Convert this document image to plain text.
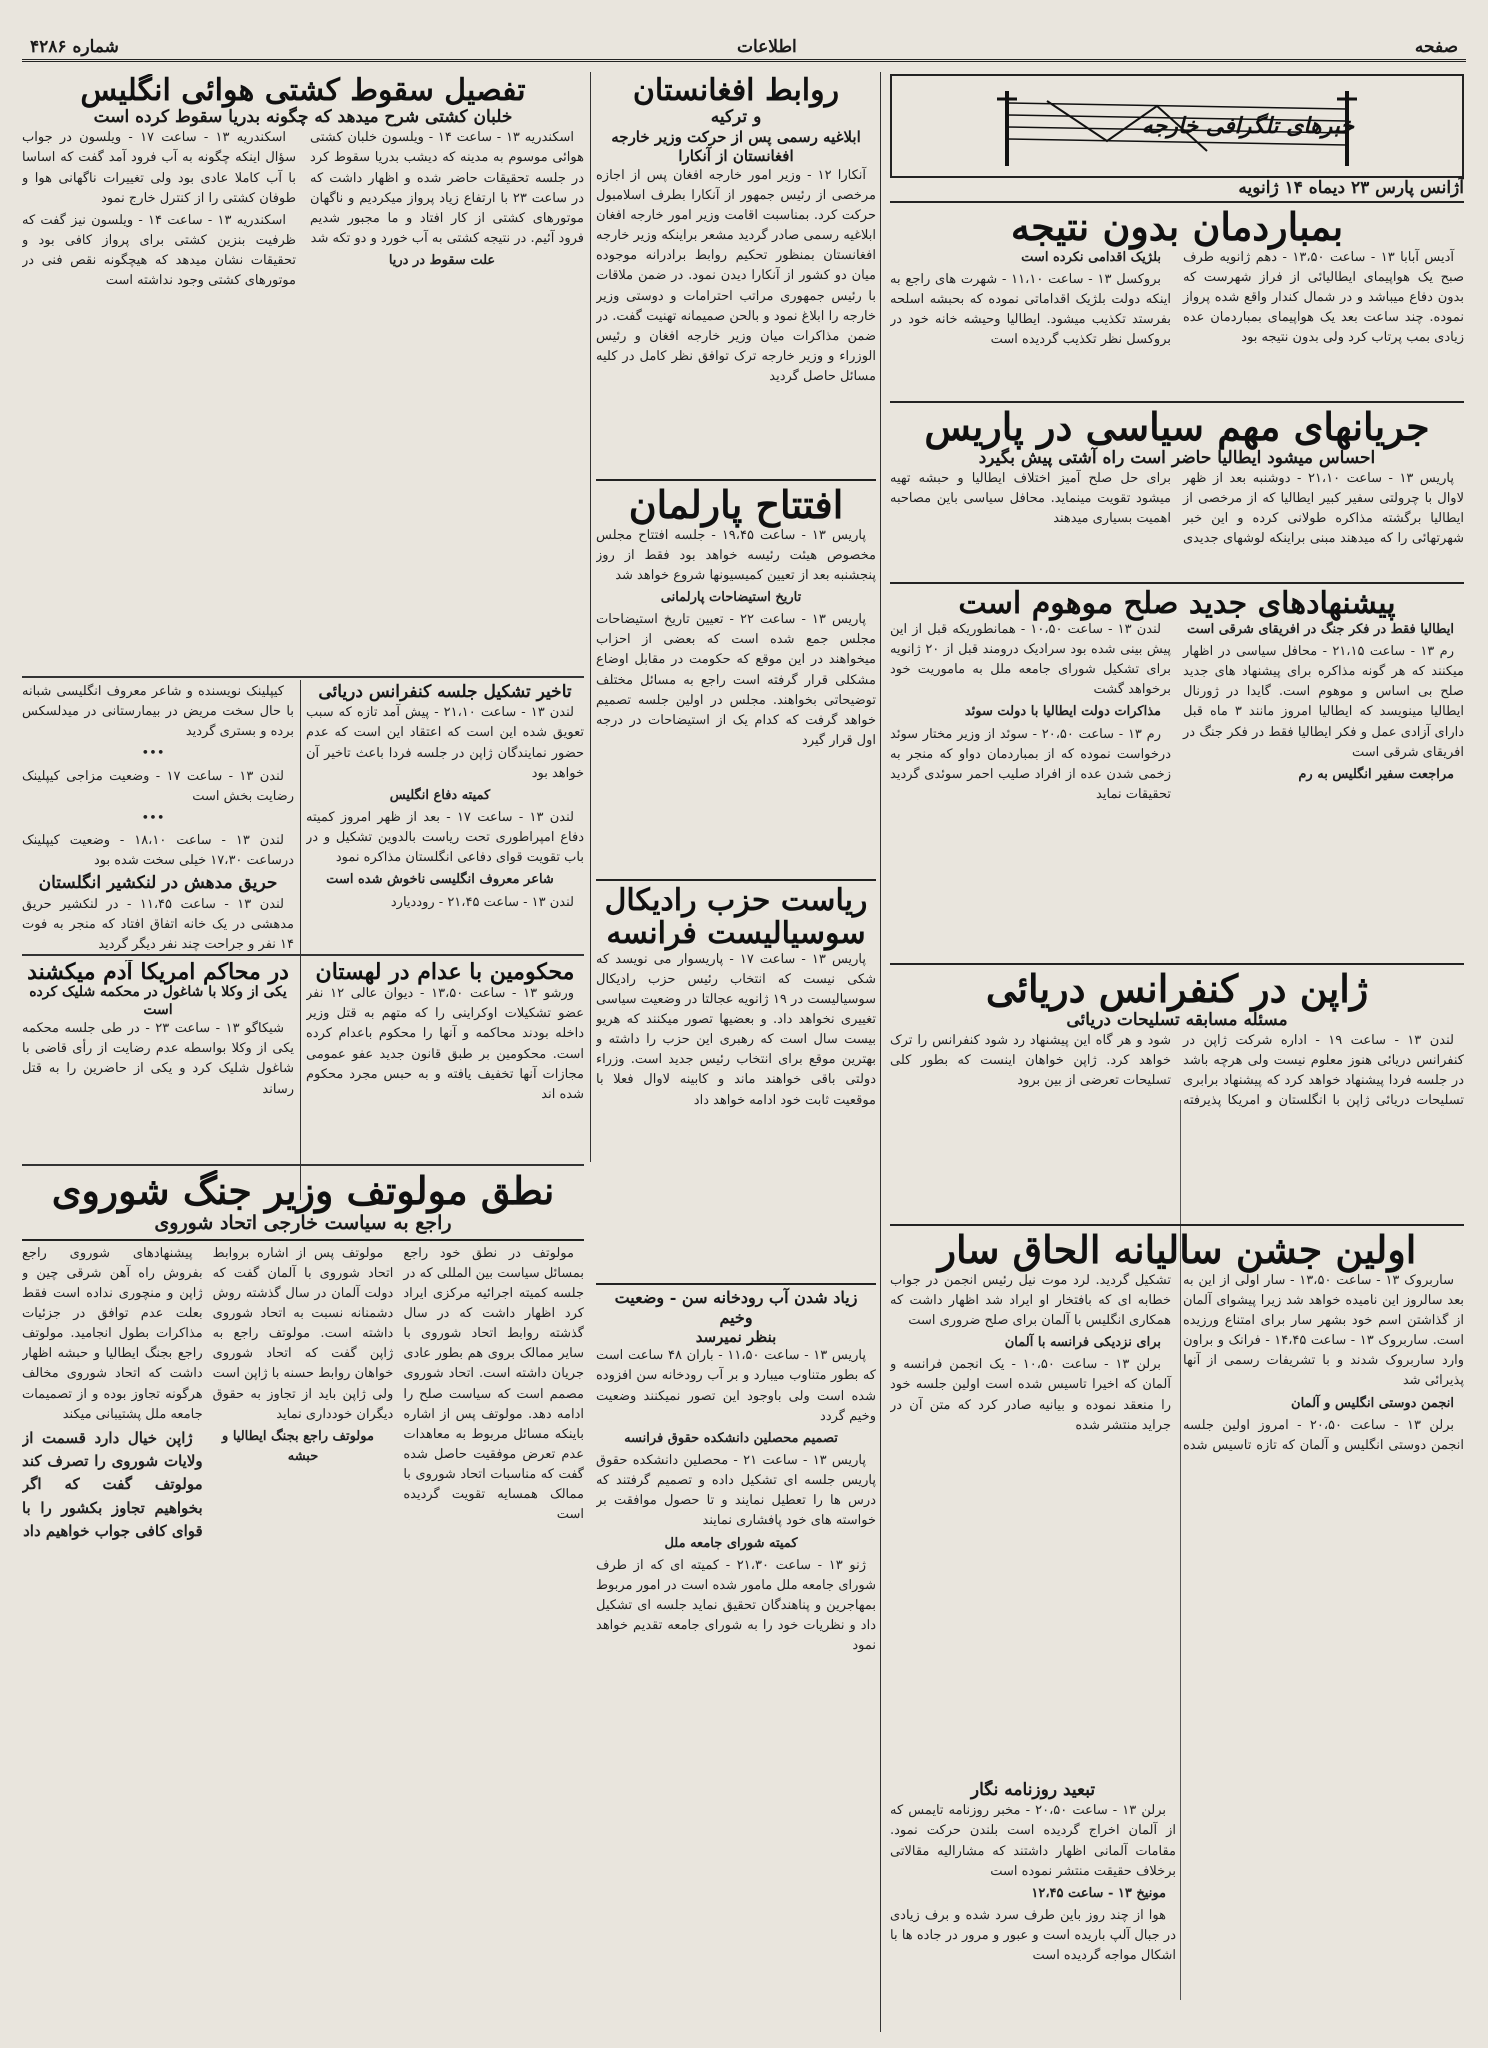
صفحه
اطلاعات
شماره ۴۲۸۶
خبرهای تلگرافی خارجه
آژانس پارس ۲۳ دیماه ۱۴ ژانویه
بمباردمان بدون نتیجه

آدیس آبابا ۱۳ - ساعت ۱۳،۵۰ - دهم ژانویه طرف صبح یک هواپیمای ایطالیائی از فراز شهرست که بدون دفاع میباشد و در شمال کندار واقع شده پرواز نموده. چند ساعت بعد یک هواپیمای بمباردمان عده زیادی بمب پرتاب کرد ولی بدون نتیجه بود

بلژیک اقدامی نکرده است

بروکسل ۱۳ - ساعت ۱۱،۱۰ - شهرت های راجع به اینکه دولت بلژیک اقداماتی نموده که بحبشه اسلحه بفرستد تکذیب میشود. ایطالیا وحیشه خانه خود در بروکسل نظر تکذیب گردیده است

جریانهای مهم سیاسی در پاریس
احساس میشود ایطالیا حاضر است راه آشتی پیش بگیرد

پاریس ۱۳ - ساعت ۲۱،۱۰ - دوشنبه بعد از ظهر لاوال با چرولتی سفیر کبیر ایطالیا که از مرخصی از ایطالیا برگشته مذاکره طولانی کرده و این خبر شهرتهائی را که میدهند مبنی براینکه لوشهای جدیدی برای حل صلح آمیز اختلاف ایطالیا و حبشه تهیه میشود تقویت مینماید. محافل سیاسی باین مصاحبه اهمیت بسیاری میدهند

پیشنهادهای جدید صلح موهوم است

ایطالیا فقط در فکر جنگ در افریقای شرقی است

رم ۱۳ - ساعت ۲۱،۱۵ - محافل سیاسی در اظهار میکنند که هر گونه مذاکره برای پیشنهاد های جدید صلح بی اساس و موهوم است. گایدا در ژورنال ایطالیا مینویسد که ایطالیا امروز مانند ۳ ماه قبل دارای آزادی عمل و فکر ایطالیا فقط در فکر جنگ در افریقای شرقی است

مراجعت سفیر انگلیس به رم

لندن ۱۳ - ساعت ۱۰،۵۰ - همانطوریکه قبل از این پیش بینی شده بود سرادیک درومند قبل از ۲۰ ژانویه برای تشکیل شورای جامعه ملل به ماموریت خود برخواهد گشت

مذاکرات دولت ایطالیا با دولت سوئد

رم ۱۳ - ساعت ۲۰،۵۰ - سوئد از وزیر مختار سوئد درخواست نموده که از بمباردمان دواو که منجر به زخمی شدن عده از افراد صلیب احمر سوئدی گردید تحقیقات نماید

ژاپن در کنفرانس دریائی
مسئله مسابقه تسلیحات دریائی

لندن ۱۳ - ساعت ۱۹ - اداره شرکت ژاپن در کنفرانس دریائی هنوز معلوم نیست ولی هرچه باشد در جلسه فردا پیشنهاد خواهد کرد که پیشنهاد برابری تسلیحات دریائی ژاپن با انگلستان و امریکا پذیرفته شود و هر گاه این پیشنهاد رد شود کنفرانس را ترک خواهد کرد. ژاپن خواهان اینست که بطور کلی تسلیحات تعرضی از بین برود

اولین جشن سالیانه الحاق سار

ساربروک ۱۳ - ساعت ۱۳،۵۰ - سار اولی از این به بعد سالروز این نامیده خواهد شد زیرا پیشوای آلمان از گذاشتن اسم خود بشهر سار برای امتناع ورزیده است. ساربروک ۱۳ - ساعت ۱۴،۴۵ - فرانک و براون وارد ساربروک شدند و با تشریفات رسمی از آنها پذیرائی شد

انجمن دوستی انگلیس و آلمان

برلن ۱۳ - ساعت ۲۰،۵۰ - امروز اولین جلسه انجمن دوستی انگلیس و آلمان که تازه تاسیس شده تشکیل گردید. لرد موت نیل رئیس انجمن در جواب خطابه ای که بافتخار او ایراد شد اظهار داشت که همکاری انگلیس با آلمان برای صلح ضروری است

برای نزدیکی فرانسه با آلمان

برلن ۱۳ - ساعت ۱۰،۵۰ - یک انجمن فرانسه و آلمان که اخیرا تاسیس شده است اولین جلسه خود را منعقد نموده و بیانیه صادر کرد که متن آن در جراید منتشر شده

روابط افغانستان
و ترکیه
ابلاغیه رسمی پس از حرکت وزیر خارجه افغانستان از آنکارا

آنکارا ۱۲ - وزیر امور خارجه افغان پس از اجازه مرخصی از رئیس جمهور از آنکارا بطرف اسلامبول حرکت کرد. بمناسبت اقامت وزیر امور خارجه افغان ابلاغیه رسمی صادر گردید مشعر براینکه وزیر خارجه افغانستان بمنظور تحکیم روابط برادرانه موجوده میان دو کشور از آنکارا دیدن نمود. در ضمن ملاقات با رئیس جمهوری مراتب احترامات و دوستی وزیر خارجه را ابلاغ نمود و بالحن صمیمانه تهنیت گفت. در ضمن مذاکرات میان وزیر خارجه افغان و رئیس الوزراء و وزیر خارجه ترک توافق نظر کامل در کلیه مسائل حاصل گردید

افتتاح پارلمان

پاریس ۱۳ - ساعت ۱۹،۴۵ - جلسه افتتاح مجلس مخصوص هیئت رئیسه خواهد بود فقط از روز پنجشنبه بعد از تعیین کمیسیونها شروع خواهد شد

تاریخ استیضاحات پارلمانی

پاریس ۱۳ - ساعت ۲۲ - تعیین تاریخ استیضاحات مجلس جمع شده است که بعضی از احزاب میخواهند در این موقع که حکومت در مقابل اوضاع مشکلی قرار گرفته است راجع به مسائل مختلف توضیحاتی بخواهند. مجلس در اولین جلسه تصمیم خواهد گرفت که کدام یک از استیضاحات در درجه اول قرار گیرد

ریاست حزب رادیکال
سوسیالیست فرانسه

پاریس ۱۳ - ساعت ۱۷ - پاریسوار می نویسد که شکی نیست که انتخاب رئیس حزب رادیکال سوسیالیست در ۱۹ ژانویه عجالتا در وضعیت سیاسی تغییری نخواهد داد. و بعضیها تصور میکنند که هریو بیست سال است که رهبری این حزب را داشته و بهترین موقع برای انتخاب رئیس جدید است. وزراء دولتی باقی خواهند ماند و کابینه لاوال فعلا با موقعیت ثابت خود ادامه خواهد داد

زیاد شدن آب رودخانه سن - وضعیت وخیم
بنظر نمیرسد

پاریس ۱۳ - ساعت ۱۱،۵۰ - باران ۴۸ ساعت است که بطور متناوب میبارد و بر آب رودخانه سن افزوده شده است ولی باوجود این تصور نمیکنند وضعیت وخیم گردد

تصمیم محصلین دانشکده حقوق فرانسه

پاریس ۱۳ - ساعت ۲۱ - محصلین دانشکده حقوق پاریس جلسه ای تشکیل داده و تصمیم گرفتند که درس ها را تعطیل نمایند و تا حصول موافقت بر خواسته های خود پافشاری نمایند

کمیته شورای جامعه ملل

ژنو ۱۳ - ساعت ۲۱،۳۰ - کمیته ای که از طرف شورای جامعه ملل مامور شده است در امور مربوط بمهاجرین و پناهندگان تحقیق نماید جلسه ای تشکیل داد و نظریات خود را به شورای جامعه تقدیم خواهد نمود

تفصیل سقوط کشتی هوائی انگلیس
خلبان کشتی شرح میدهد که چگونه بدریا سقوط کرده است

اسکندریه ۱۳ - ساعت ۱۴ - ویلسون خلبان کشتی هوائی موسوم به مدینه که دیشب بدریا سقوط کرد در جلسه تحقیقات حاضر شده و اظهار داشت که در ساعت ۲۳ با ارتفاع زیاد پرواز میکردیم و ناگهان موتورهای کشتی از کار افتاد و ما مجبور شدیم فرود آئیم. در نتیجه کشتی به آب خورد و دو تکه شد

علت سقوط در دریا

اسکندریه ۱۳ - ساعت ۱۷ - ویلسون در جواب سؤال اینکه چگونه به آب فرود آمد گفت که اساسا با آب کاملا عادی بود ولی تغییرات ناگهانی هوا و طوفان کشتی را از کنترل خارج نمود

اسکندریه ۱۳ - ساعت ۱۴ - ویلسون نیز گفت که ظرفیت بنزین کشتی برای پرواز کافی بود و تحقیقات نشان میدهد که هیچگونه نقص فنی در موتورهای کشتی وجود نداشته است

کیپلینک نویسنده و شاعر معروف انگلیسی شبانه با حال سخت مریض در بیمارستانی در میدلسکس برده و بستری گردید

•••

لندن ۱۳ - ساعت ۱۷ - وضعیت مزاجی کیپلینک رضایت بخش است

•••

لندن ۱۳ - ساعت ۱۸،۱۰ - وضعیت کیپلینک درساعت ۱۷،۳۰ خیلی سخت شده بود

حریق مدهش در لنکشیر انگلستان

لندن ۱۳ - ساعت ۱۱،۴۵ - در لنکشیر حریق مدهشی در یک خانه اتفاق افتاد که منجر به فوت ۱۴ نفر و جراحت چند نفر دیگر گردید

تاخیر تشکیل جلسه کنفرانس دریائی

لندن ۱۳ - ساعت ۲۱،۱۰ - پیش آمد تازه که سبب تعویق شده این است که اعتقاد این است که عدم حضور نمایندگان ژاپن در جلسه فردا باعث تاخیر آن خواهد بود

کمیته دفاع انگلیس

لندن ۱۳ - ساعت ۱۷ - بعد از ظهر امروز کمیته دفاع امپراطوری تحت ریاست بالدوین تشکیل و در باب تقویت قوای دفاعی انگلستان مذاکره نمود

شاعر معروف انگلیسی ناخوش شده است

لندن ۱۳ - ساعت ۲۱،۴۵ - روددیارد

در محاکم امریکا آدم میکشند
یکی از وکلا با شاغول در محکمه شلیک کرده است

شیکاگو ۱۳ - ساعت ۲۳ - در طی جلسه محکمه یکی از وکلا بواسطه عدم رضایت از رأی قاضی با شاغول شلیک کرد و یکی از حاضرین را به قتل رساند

محکومین با عدام در لهستان

ورشو ۱۳ - ساعت ۱۳،۵۰ - دیوان عالی ۱۲ نفر عضو تشکیلات اوکراینی را که متهم به قتل وزیر داخله بودند محاکمه و آنها را محکوم باعدام کرده است. محکومین بر طبق قانون جدید عفو عمومی مجازات آنها تخفیف یافته و به حبس مجرد محکوم شده اند

نطق مولوتف وزیر جنگ شوروی
راجع به سیاست خارجی اتحاد شوروی

مولوتف در نطق خود راجع بمسائل سیاست بین المللی که در جلسه کمیته اجرائیه مرکزی ایراد کرد اظهار داشت که در سال گذشته روابط اتحاد شوروی با سایر ممالک بروی هم بطور عادی جریان داشته است. اتحاد شوروی مصمم است که سیاست صلح را ادامه دهد. مولوتف پس از اشاره باینکه مسائل مربوط به معاهدات عدم تعرض موفقیت حاصل شده گفت که مناسبات اتحاد شوروی با ممالک همسایه تقویت گردیده است

مولوتف پس از اشاره بروابط اتحاد شوروی با آلمان گفت که دولت آلمان در سال گذشته روش دشمنانه نسبت به اتحاد شوروی داشته است. مولوتف راجع به ژاپن گفت که اتحاد شوروی خواهان روابط حسنه با ژاپن است ولی ژاپن باید از تجاوز به حقوق دیگران خودداری نماید

مولوتف راجع بجنگ ایطالیا و حبشه

پیشنهادهای شوروی راجع بفروش راه آهن شرقی چین و ژاپن و منچوری نداده است فقط بعلت عدم توافق در جزئیات مذاکرات بطول انجامید. مولوتف راجع بجنگ ایطالیا و حبشه اظهار داشت که اتحاد شوروی مخالف هرگونه تجاوز بوده و از تصمیمات جامعه ملل پشتیبانی میکند

ژاپن خیال دارد قسمت از ولایات شوروی را تصرف کند مولوتف گفت که اگر بخواهیم تجاوز بکشور را با قوای کافی جواب خواهیم داد

تبعید روزنامه نگار

برلن ۱۳ - ساعت ۲۰،۵۰ - مخبر روزنامه تایمس که از آلمان اخراج گردیده است بلندن حرکت نمود. مقامات آلمانی اظهار داشتند که مشارالیه مقالاتی برخلاف حقیقت منتشر نموده است

مونیخ ۱۳ - ساعت ۱۲،۴۵

هوا از چند روز باین طرف سرد شده و برف زیادی در جبال آلپ باریده است و عبور و مرور در جاده ها با اشکال مواجه گردیده است
